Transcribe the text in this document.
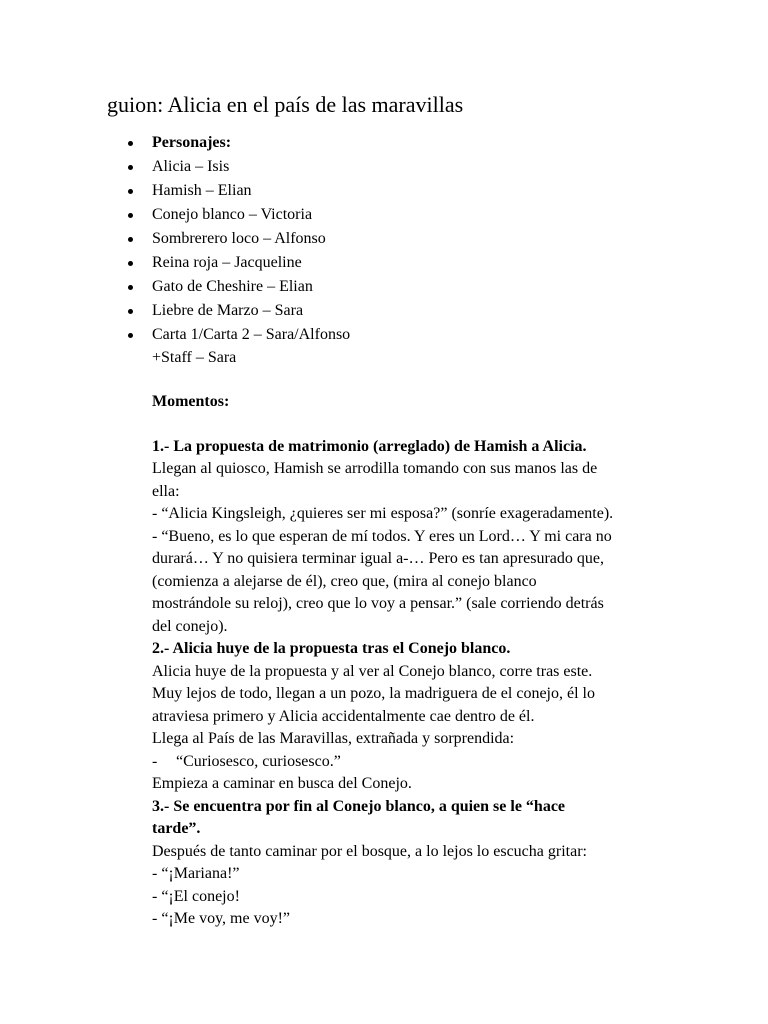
guion: Alicia en el país de las maravillas
Personajes:
Alicia – Isis
Hamish – Elian
Conejo blanco – Victoria
Sombrerero loco – Alfonso
Reina roja – Jacqueline
Gato de Cheshire – Elian
Liebre de Marzo – Sara
Carta 1/Carta 2 – Sara/Alfonso
+Staff – Sara

Momentos:

1.- La propuesta de matrimonio (arreglado) de Hamish a Alicia.

Llegan al quiosco, Hamish se arrodilla tomando con sus manos las de

ella:

- “Alicia Kingsleigh, ¿quieres ser mi esposa?” (sonríe exageradamente).

- “Bueno, es lo que esperan de mí todos. Y eres un Lord… Y mi cara no

durará… Y no quisiera terminar igual a-… Pero es tan apresurado que,

(comienza a alejarse de él), creo que, (mira al conejo blanco

mostrándole su reloj), creo que lo voy a pensar.” (sale corriendo detrás

del conejo).

2.- Alicia huye de la propuesta tras el Conejo blanco.

Alicia huye de la propuesta y al ver al Conejo blanco, corre tras este.

Muy lejos de todo, llegan a un pozo, la madriguera de el conejo, él lo

atraviesa primero y Alicia accidentalmente cae dentro de él.

Llega al País de las Maravillas, extrañada y sorprendida:

- “Curiosesco, curiosesco.”

Empieza a caminar en busca del Conejo.

3.- Se encuentra por fin al Conejo blanco, a quien se le “hace

tarde”.

Después de tanto caminar por el bosque, a lo lejos lo escucha gritar:

- “¡Mariana!”

- “¡El conejo!

- “¡Me voy, me voy!”
